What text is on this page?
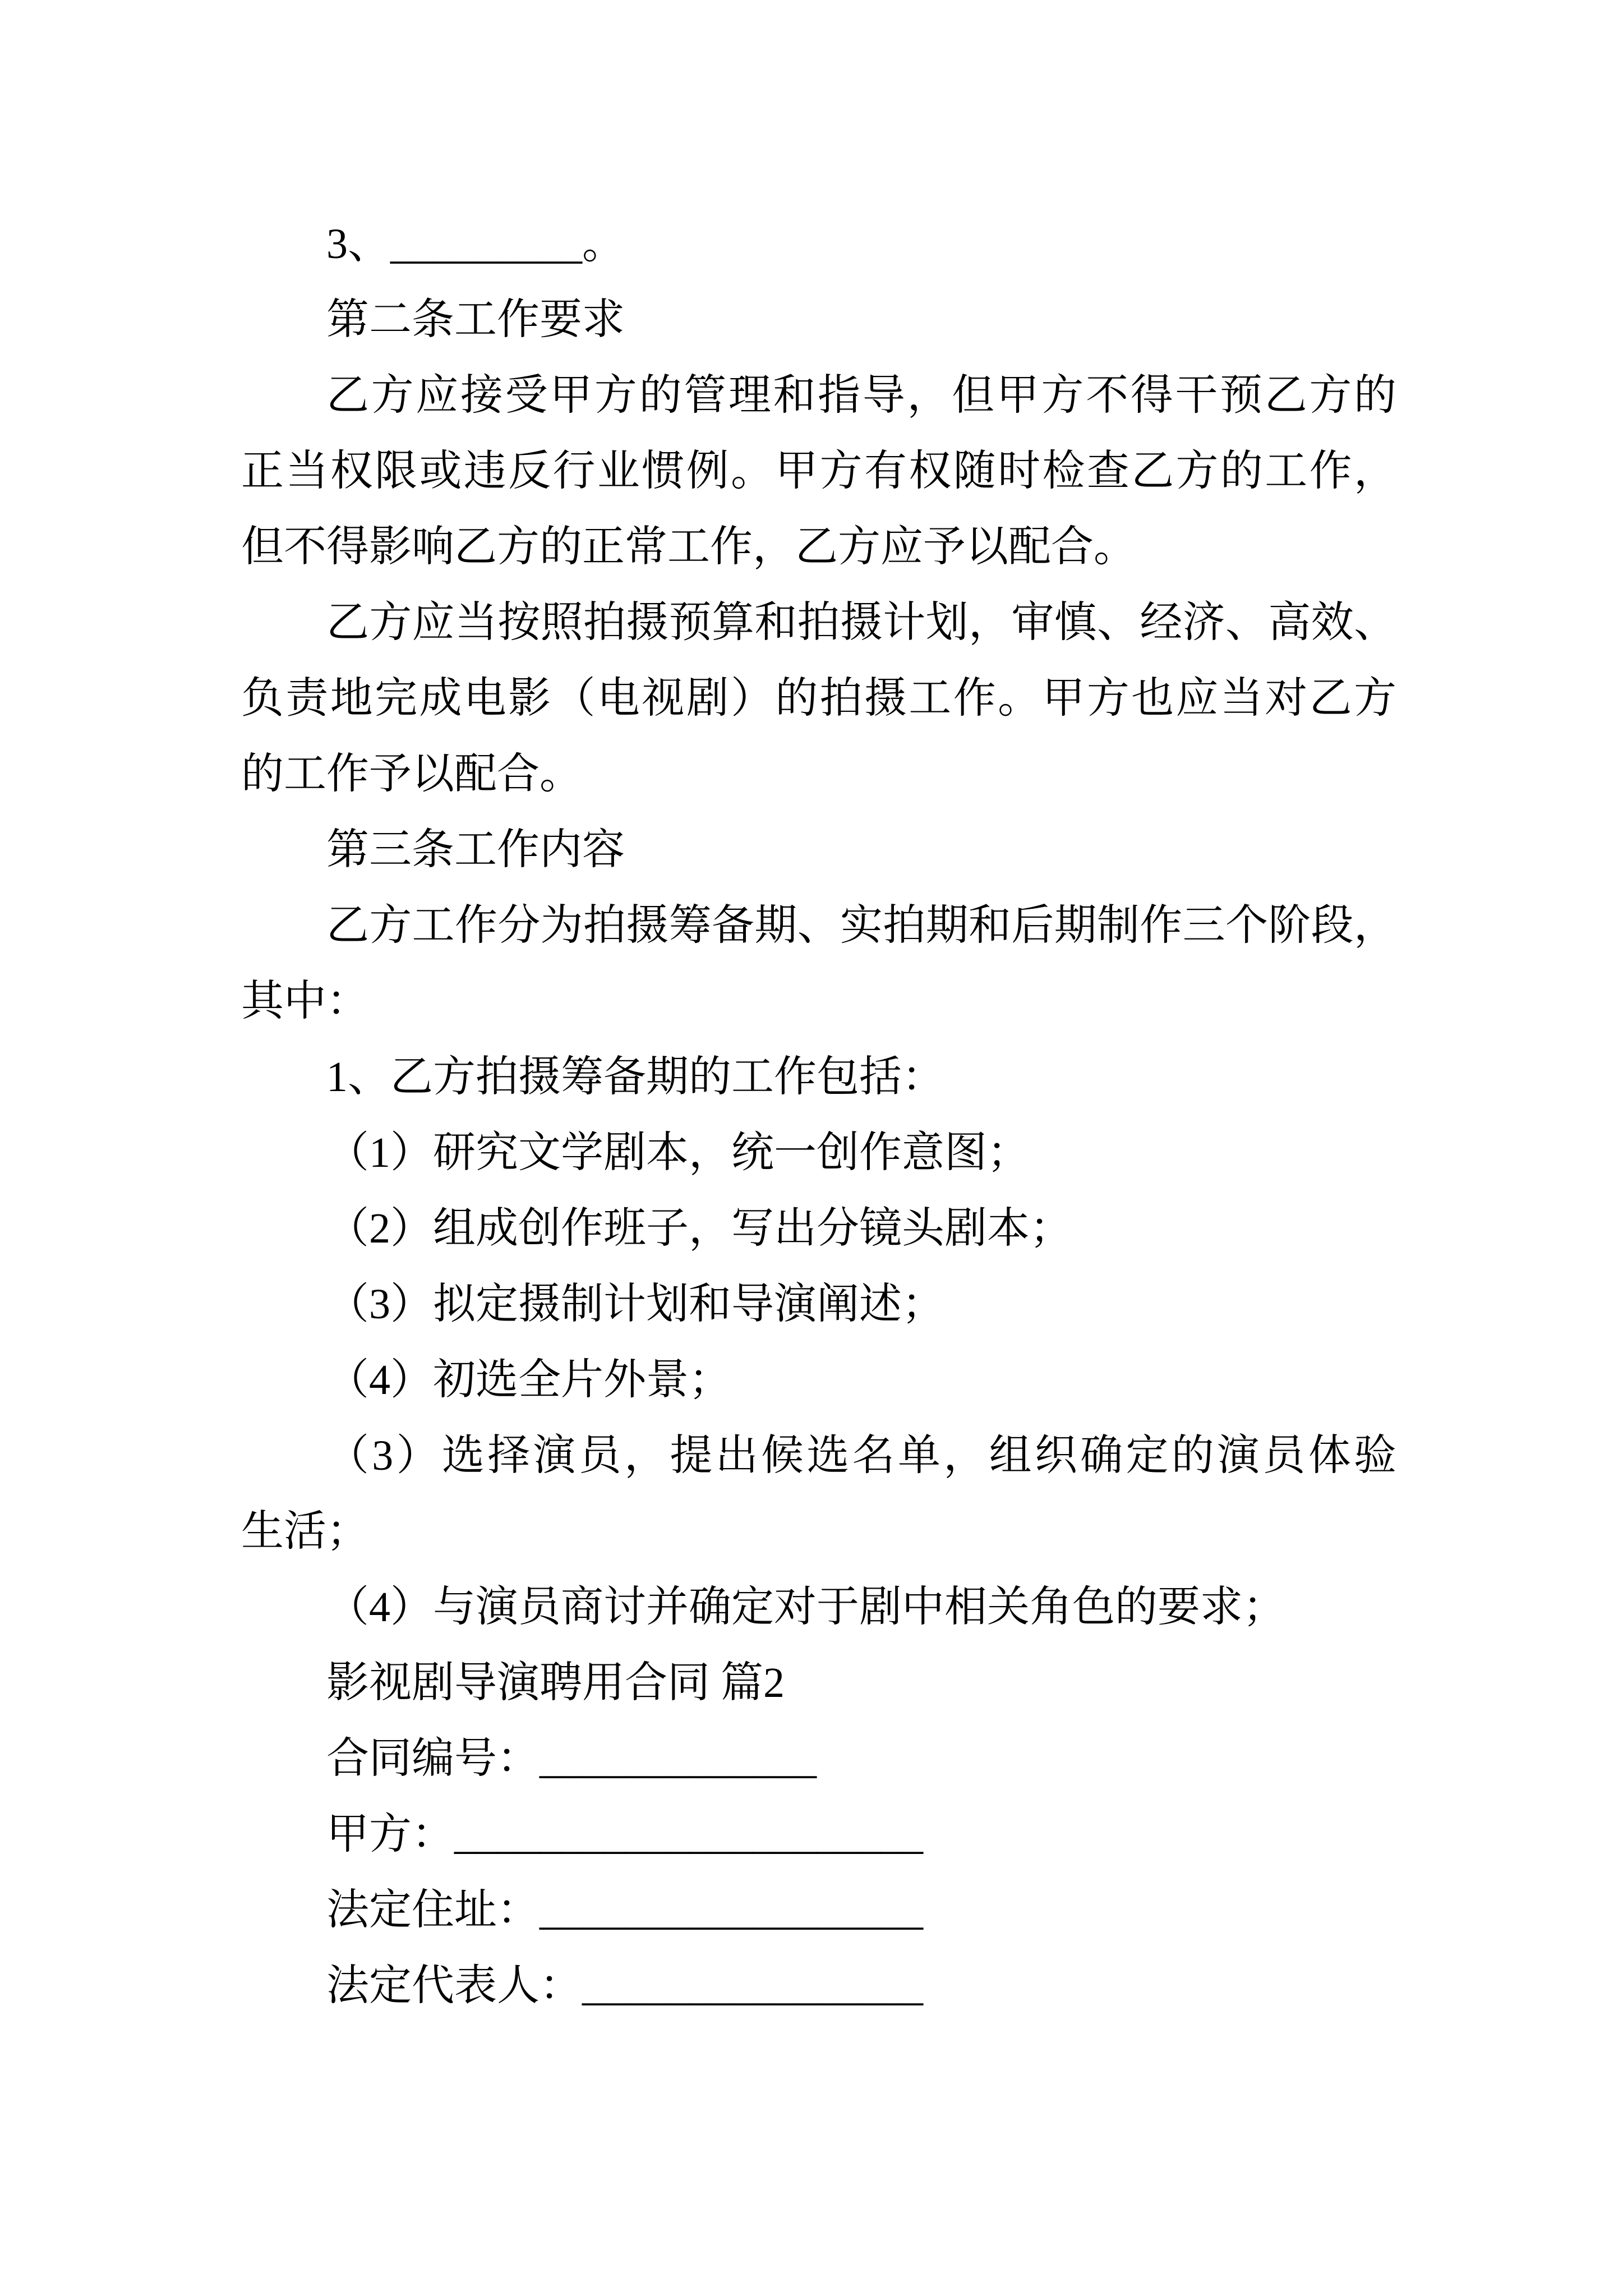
3、_________。

第二条工作要求

乙方应接受甲方的管理和指导，但甲方不得干预乙方的

正当权限或违反行业惯例。甲方有权随时检查乙方的工作，

但不得影响乙方的正常工作，乙方应予以配合。

乙方应当按照拍摄预算和拍摄计划，审慎、经济、高效、

负责地完成电影（电视剧）的拍摄工作。甲方也应当对乙方

的工作予以配合。

第三条工作内容

乙方工作分为拍摄筹备期、实拍期和后期制作三个阶段，

其中：

1、乙方拍摄筹备期的工作包括：

（1）研究文学剧本，统一创作意图；

（2）组成创作班子，写出分镜头剧本；

（3）拟定摄制计划和导演阐述；

（4）初选全片外景；

（3）选择演员，提出候选名单，组织确定的演员体验

生活；

（4）与演员商讨并确定对于剧中相关角色的要求；

影视剧导演聘用合同 篇2

合同编号：_____________

甲方：______________________

法定住址：__________________

法定代表人：________________
